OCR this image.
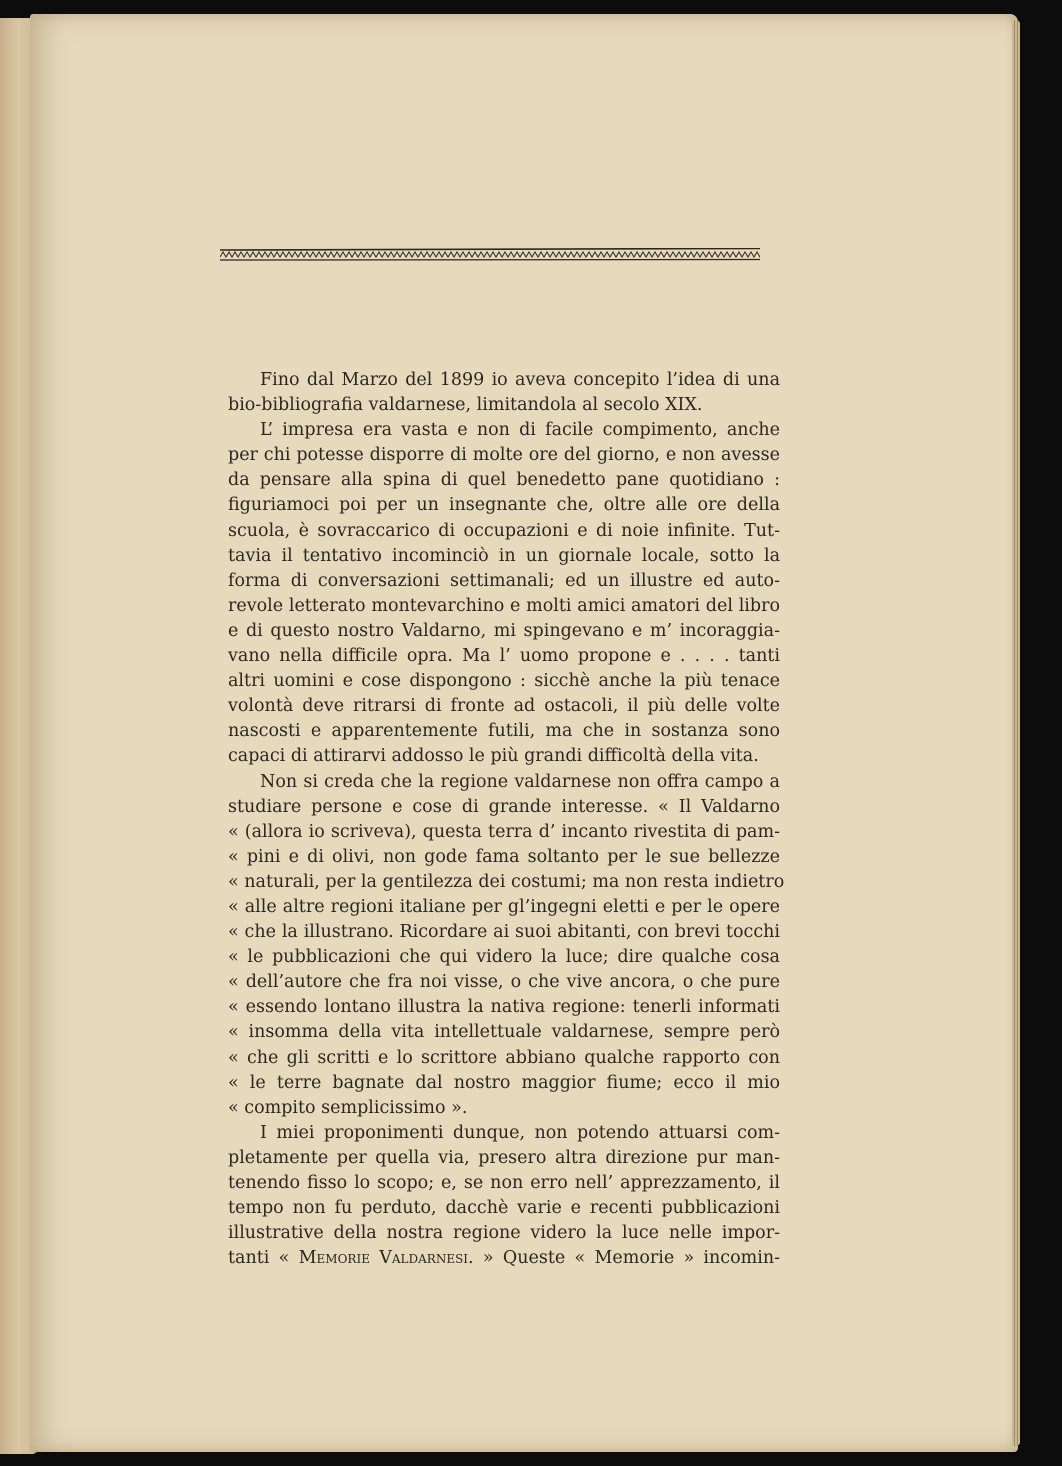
Fino dal Marzo del 1899 io aveva concepito l’idea di una
bio-bibliografia valdarnese, limitandola al secolo XIX.
L’ impresa era vasta e non di facile compimento, anche
per chi potesse disporre di molte ore del giorno, e non avesse
da pensare alla spina di quel benedetto pane quotidiano :
figuriamoci poi per un insegnante che, oltre alle ore della
scuola, è sovraccarico di occupazioni e di noie infinite. Tut-
tavia il tentativo incominciò in un giornale locale, sotto la
forma di conversazioni settimanali; ed un illustre ed auto-
revole letterato montevarchino e molti amici amatori del libro
e di questo nostro Valdarno, mi spingevano e m’ incoraggia-
vano nella difficile opra. Ma l’ uomo propone e . . . . tanti
altri uomini e cose dispongono : sicchè anche la più tenace
volontà deve ritrarsi di fronte ad ostacoli, il più delle volte
nascosti e apparentemente futili, ma che in sostanza sono
capaci di attirarvi addosso le più grandi difficoltà della vita.
Non si creda che la regione valdarnese non offra campo a
studiare persone e cose di grande interesse. « Il Valdarno
« (allora io scriveva), questa terra d’ incanto rivestita di pam-
« pini e di olivi, non gode fama soltanto per le sue bellezze
« naturali, per la gentilezza dei costumi; ma non resta indietro
« alle altre regioni italiane per gl’ingegni eletti e per le opere
« che la illustrano. Ricordare ai suoi abitanti, con brevi tocchi
« le pubblicazioni che qui videro la luce; dire qualche cosa
« dell’autore che fra noi visse, o che vive ancora, o che pure
« essendo lontano illustra la nativa regione: tenerli informati
« insomma della vita intellettuale valdarnese, sempre però
« che gli scritti e lo scrittore abbiano qualche rapporto con
« le terre bagnate dal nostro maggior fiume; ecco il mio
« compito semplicissimo ».
I miei proponimenti dunque, non potendo attuarsi com-
pletamente per quella via, presero altra direzione pur man-
tenendo fisso lo scopo; e, se non erro nell’ apprezzamento, il
tempo non fu perduto, dacchè varie e recenti pubblicazioni
illustrative della nostra regione videro la luce nelle impor-
tanti « Memorie Valdarnesi. » Queste « Memorie » incomin-
